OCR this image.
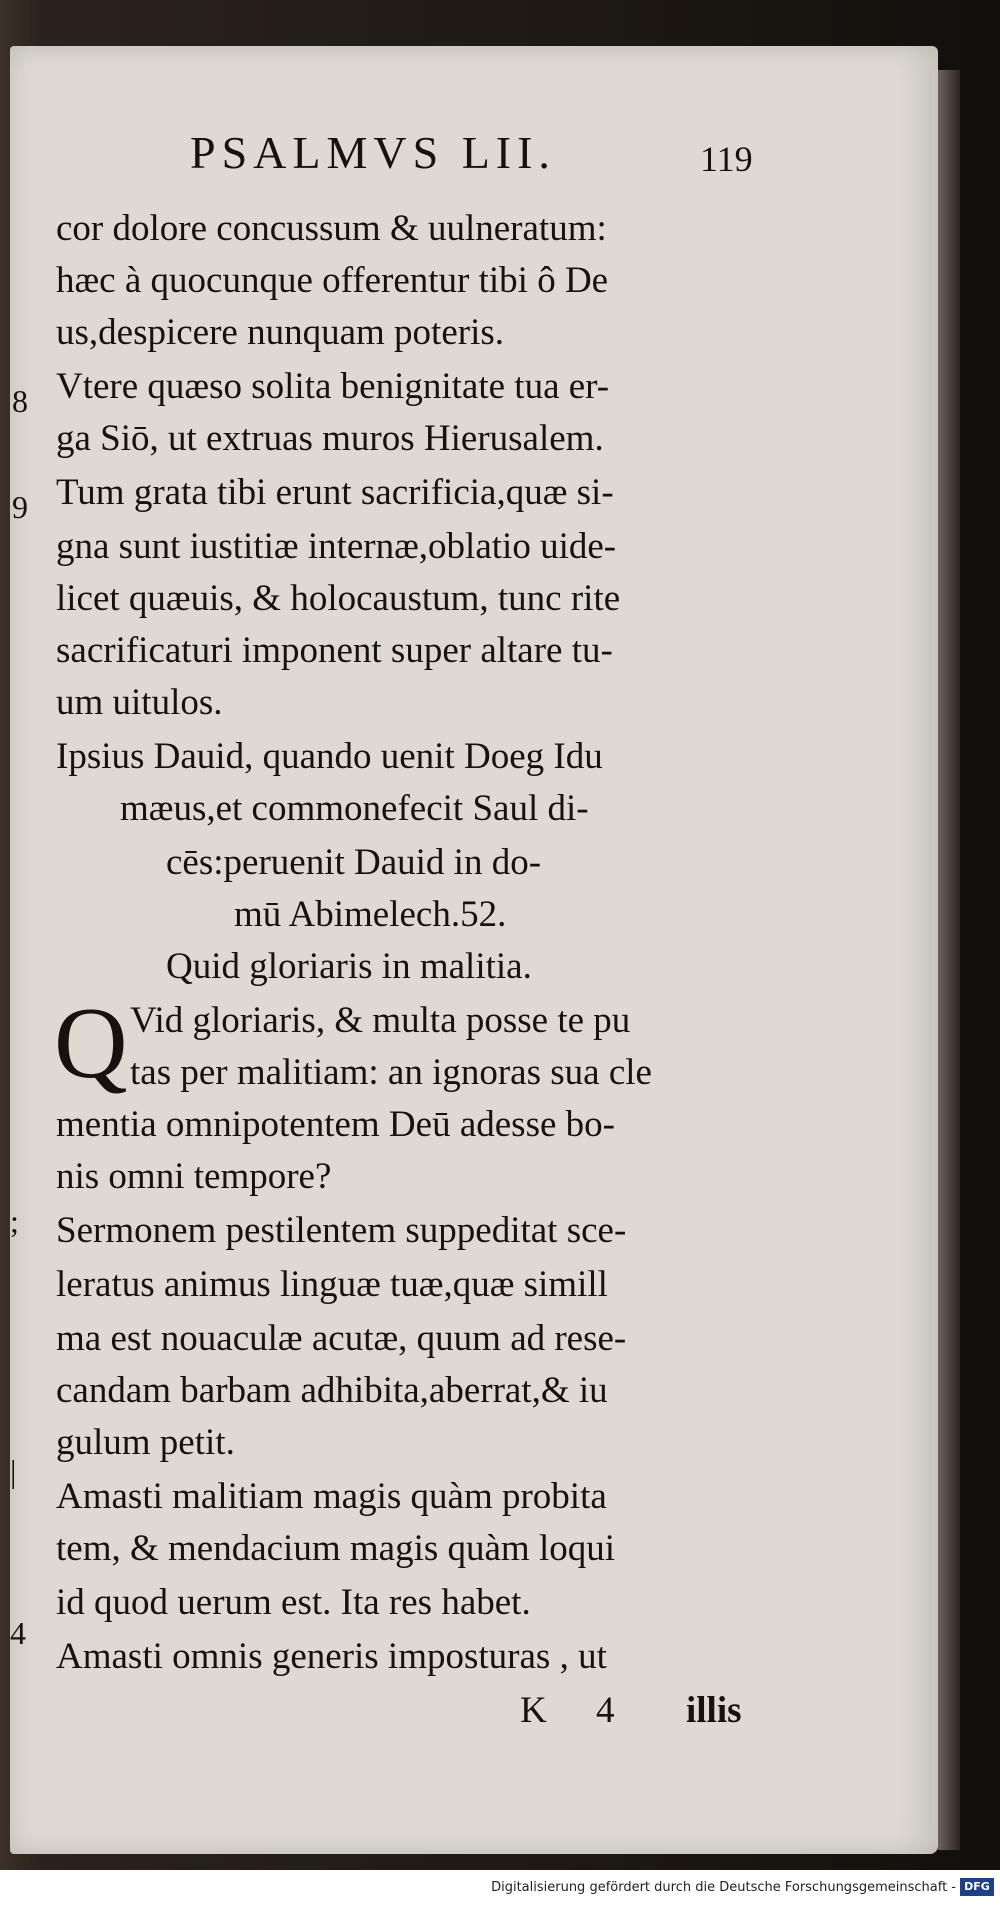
PSALMVS LII.	119
8
9
;
|
4
cor dolore concussum & uulneratum:
hæc à quocunque offerentur tibi ô De
us,despicere nunquam poteris.
Vtere quæso solita benignitate tua er-
ga Siō, ut extruas muros Hierusalem.
Tum grata tibi erunt sacrificia,quæ si-
gna sunt iustitiæ internæ,oblatio uide-
licet quæuis, & holocaustum, tunc rite
sacrificaturi imponent super altare tu-
um uitulos.
Ipsius Dauid, quando uenit Doeg Idu
mæus,et commonefecit Saul di-
cēs:peruenit Dauid in do-
mū Abimelech.52.
Quid gloriaris in malitia.
Q Vid gloriaris, & multa posse te pu
tas per malitiam: an ignoras sua cle
mentia omnipotentem Deū adesse bo-
nis omni tempore?
Sermonem pestilentem suppeditat sce-
leratus animus linguæ tuæ,quæ simill
ma est nouaculæ acutæ, quum ad rese-
candam barbam adhibita,aberrat,& iu
gulum petit.
Amasti malitiam magis quàm probita
tem, & mendacium magis quàm loqui
id quod uerum est. Ita res habet.
Amasti omnis generis imposturas , ut
K 4 illis
Digitalisierung gefördert durch die Deutsche Forschungsgemeinschaft - DFG
